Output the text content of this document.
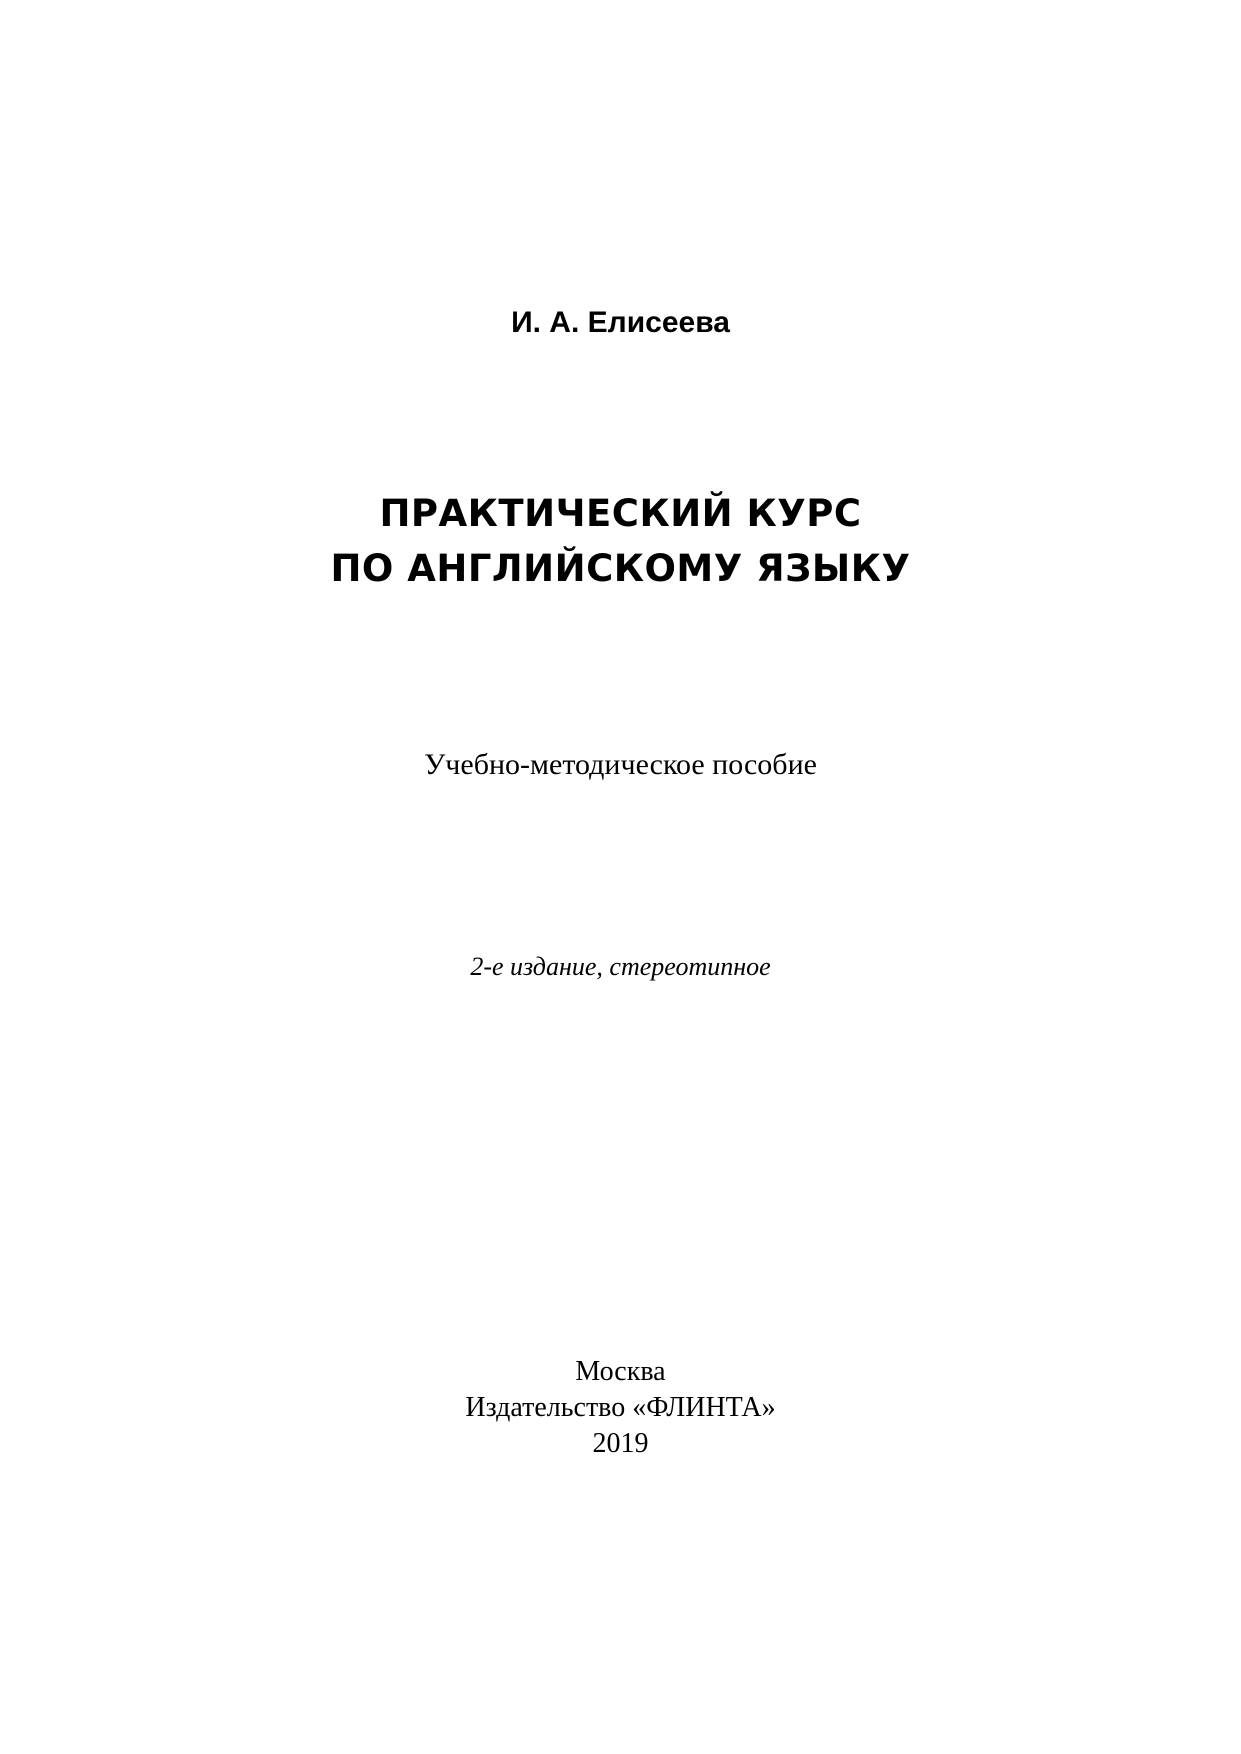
И. А. Елисеева
ПРАКТИЧЕСКИЙ КУРС
ПО АНГЛИЙСКОМУ ЯЗЫКУ
Учебно-методическое пособие
2-е издание, стереотипное
Москва
Издательство «ФЛИНТА»
2019
